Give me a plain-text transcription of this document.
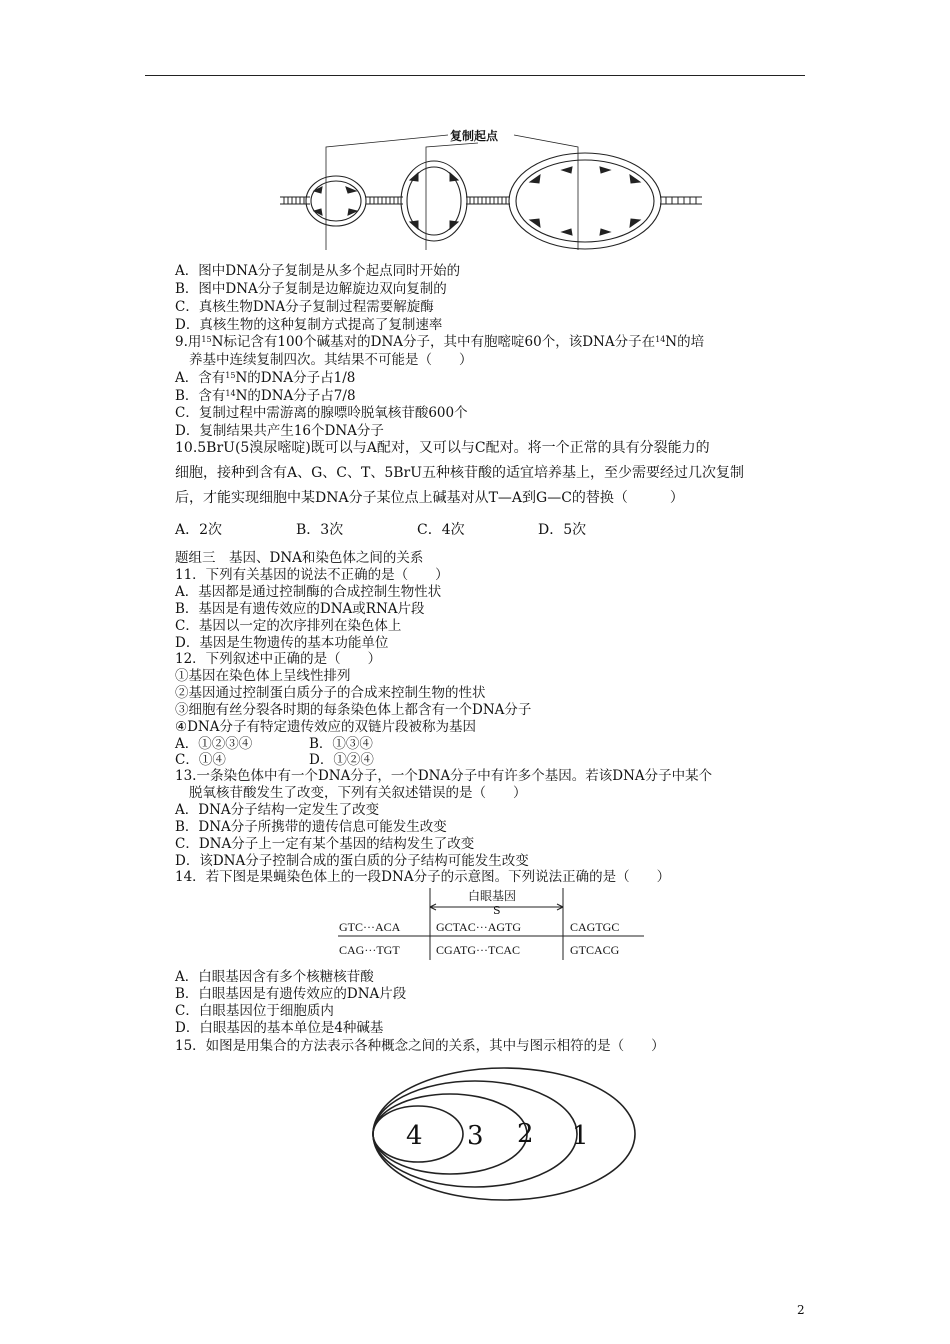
复制起点
A．图中DNA分子复制是从多个起点同时开始的
B．图中DNA分子复制是边解旋边双向复制的
C．真核生物DNA分子复制过程需要解旋酶
D．真核生物的这种复制方式提高了复制速率
9.用$^{15}$N标记含有100个碱基对的DNA分子，其中有胞嘧啶60个，该DNA分子在$^{14}$N的培
养基中连续复制四次。其结果不可能是（　　）
A．含有$^{15}$N的DNA分子占1/8
B．含有$^{14}$N的DNA分子占7/8
C．复制过程中需游离的腺嘌呤脱氧核苷酸600个
D．复制结果共产生16个DNA分子
10.5BrU(5溴尿嘧啶)既可以与A配对，又可以与C配对。将一个正常的具有分裂能力的
细胞，接种到含有A、G、C、T、5BrU五种核苷酸的适宜培养基上，至少需要经过几次复制
后，才能实现细胞中某DNA分子某位点上碱基对从T—A到G—C的替换（　　　）
A．2次	B．3次	C．4次	D．5次
题组三　基因、DNA和染色体之间的关系
11．下列有关基因的说法不正确的是（　　）
A．基因都是通过控制酶的合成控制生物性状
B．基因是有遗传效应的DNA或RNA片段
C．基因以一定的次序排列在染色体上
D．基因是生物遗传的基本功能单位
12．下列叙述中正确的是（　　）
①基因在染色体上呈线性排列
②基因通过控制蛋白质分子的合成来控制生物的性状
③细胞有丝分裂各时期的每条染色体上都含有一个DNA分子
④DNA分子有特定遗传效应的双链片段被称为基因
A．①②③④	B．①③④
C．①④	D．①②④
13.一条染色体中有一个DNA分子，一个DNA分子中有许多个基因。若该DNA分子中某个
脱氧核苷酸发生了改变，下列有关叙述错误的是（　　）
A．DNA分子结构一定发生了改变
B．DNA分子所携带的遗传信息可能发生改变
C．DNA分子上一定有某个基因的结构发生了改变
D．该DNA分子控制合成的蛋白质的分子结构可能发生改变
14．若下图是果蝇染色体上的一段DNA分子的示意图。下列说法正确的是（　　）
白眼基因
S
GTC···ACA	GCTAC···AGTG	CAGTGC
CAG···TGT	CGATG···TCAC	GTCACG
A．白眼基因含有多个核糖核苷酸
B．白眼基因是有遗传效应的DNA片段
C．白眼基因位于细胞质内
D．白眼基因的基本单位是4种碱基
15．如图是用集合的方法表示各种概念之间的关系，其中与图示相符的是（　　）
4 3 2 1
2
